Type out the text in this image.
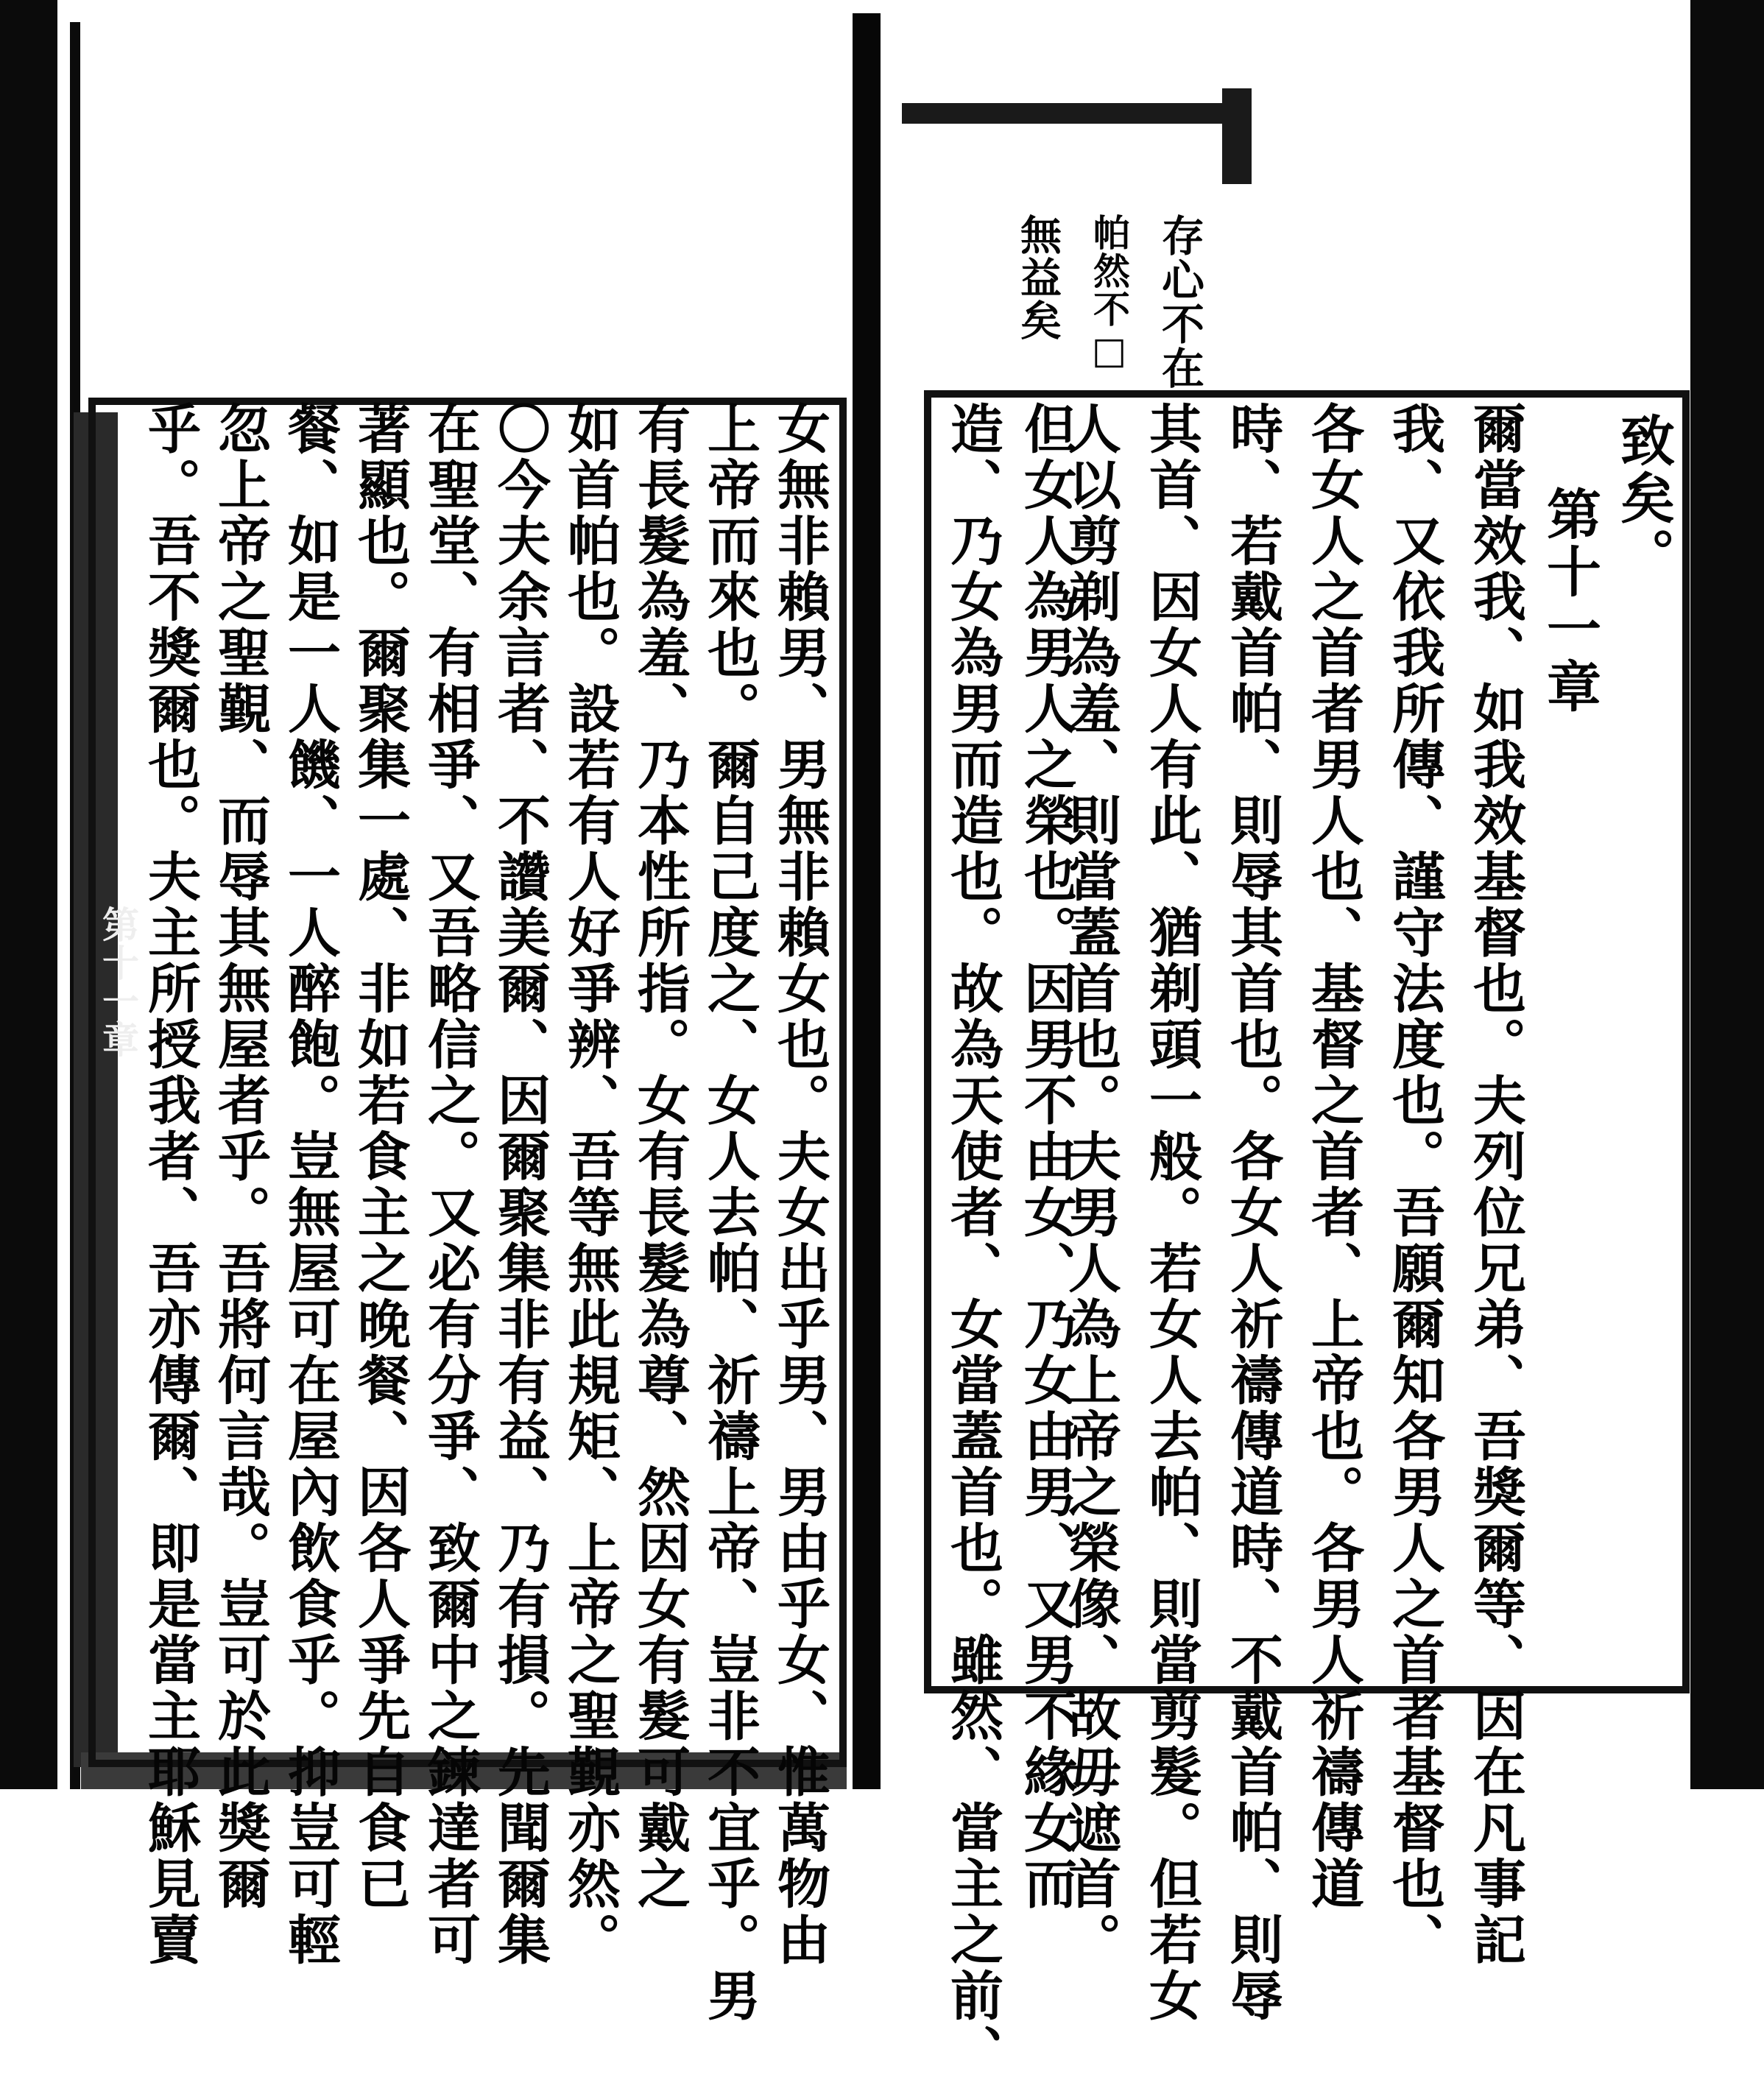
存心不在
帕然不□
無益矣
致矣。
第十一章
爾當效我、如我效基督也。夫列位兄弟、吾獎爾等、因在凡事記
我、又依我所傳、謹守法度也。吾願爾知各男人之首者基督也、
各女人之首者男人也、基督之首者、上帝也。各男人祈禱傳道
時、若戴首帕、則辱其首也。各女人祈禱傳道時、不戴首帕、則辱
其首、因女人有此、猶剃頭一般。若女人去帕、則當剪髮。但若女
人以剪剃為羞、則當蓋首也。夫男人為上帝之榮像、故毋遮首。
但女人為男人之榮也。因男不由女、乃女由男、又男不緣女而
造、乃女為男而造也。故為天使者、女當蓋首也。雖然、當主之前、
女無非賴男、男無非賴女也。夫女出乎男、男由乎女、惟萬物由
上帝而來也。爾自己度之、女人去帕、祈禱上帝、豈非不宜乎。男
有長髮為羞、乃本性所指。女有長髮為尊、然因女有髮可戴之
如首帕也。設若有人好爭辨、吾等無此規矩、上帝之聖覲亦然。
〇今夫余言者、不讚美爾、因爾聚集非有益、乃有損。先聞爾集
在聖堂、有相爭、又吾略信之。又必有分爭、致爾中之鍊達者可
著顯也。爾聚集一處、非如若食主之晚餐、因各人爭先自食已
餐、如是一人饑、一人醉飽。豈無屋可在屋內飲食乎。抑豈可輕
忽上帝之聖覲、而辱其無屋者乎。吾將何言哉。豈可於此獎爾
乎。吾不獎爾也。夫主所授我者、吾亦傳爾、即是當主耶穌見賣
第十一章
